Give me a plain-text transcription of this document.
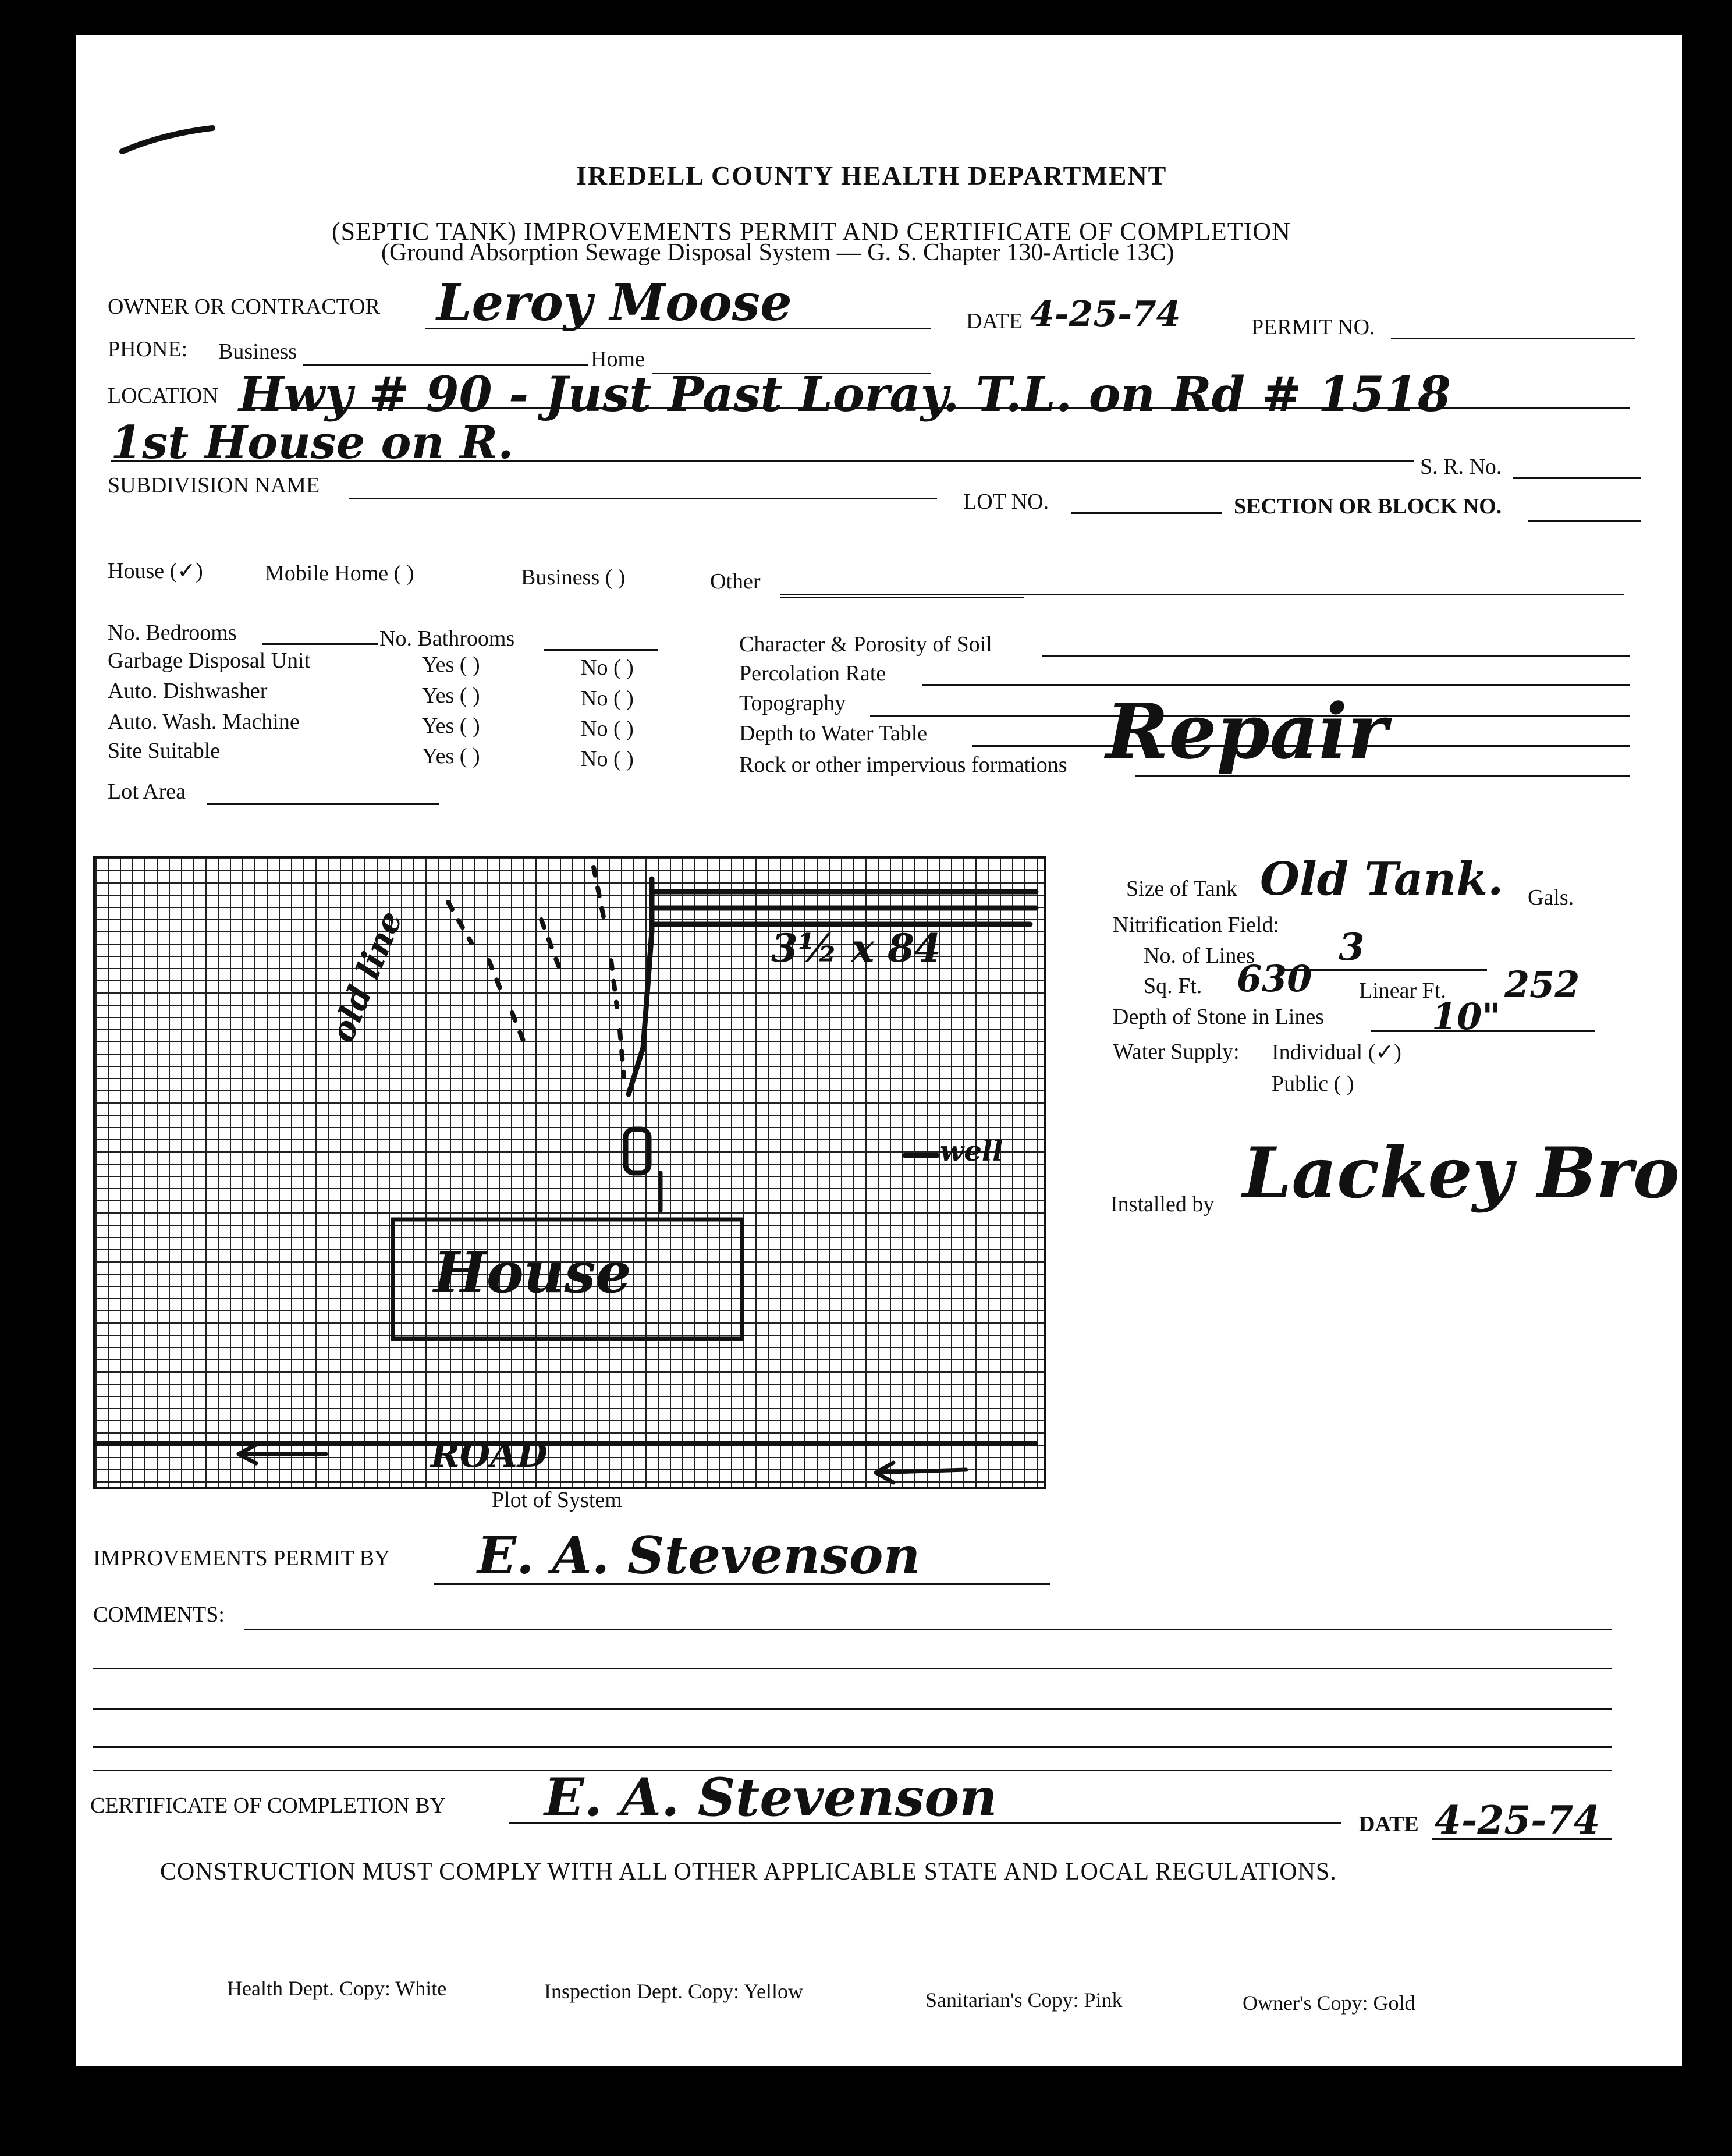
IREDELL COUNTY HEALTH DEPARTMENT
(SEPTIC TANK) IMPROVEMENTS PERMIT AND CERTIFICATE OF COMPLETION
(Ground Absorption Sewage Disposal System — G. S. Chapter 130-Article 13C)
OWNER OR CONTRACTOR Leroy Moose	DATE 4-25-74	PERMIT NO.
PHONE: Business	Home
LOCATION Hwy # 90 - Just Past Loray. T.L. on Rd # 1518
1st House on R.	S. R. No.
SUBDIVISION NAME
LOT NO.	SECTION OR BLOCK NO.
House (✓)	Mobile Home ( )	Business ( )	Other
No. Bedrooms	No. Bathrooms
Garbage Disposal Unit	Yes ( )	No ( )
Auto. Dishwasher	Yes ( )	No ( )
Auto. Wash. Machine	Yes ( )	No ( )
Site Suitable	Yes ( )	No ( )
Lot Area
Character & Porosity of Soil
Percolation Rate
Topography
Depth to Water Table
Rock or other impervious formations Repair
3½ x 84
old line
well
House
ROAD
Plot of System
Size of Tank Old Tank. Gals.
Nitrification Field:
No. of Lines 3
Sq. Ft. 630 Linear Ft. 252
Depth of Stone in Lines	10"
Water Supply: Individual (✓)
Public ( )
Installed by Lackey Bro
IMPROVEMENTS PERMIT BY E. A. Stevenson
COMMENTS:
CERTIFICATE OF COMPLETION BY E. A. Stevenson	DATE 4-25-74
CONSTRUCTION MUST COMPLY WITH ALL OTHER APPLICABLE STATE AND LOCAL REGULATIONS.
Health Dept. Copy: White	Inspection Dept. Copy: Yellow	Sanitarian's Copy: Pink	Owner's Copy: Gold
